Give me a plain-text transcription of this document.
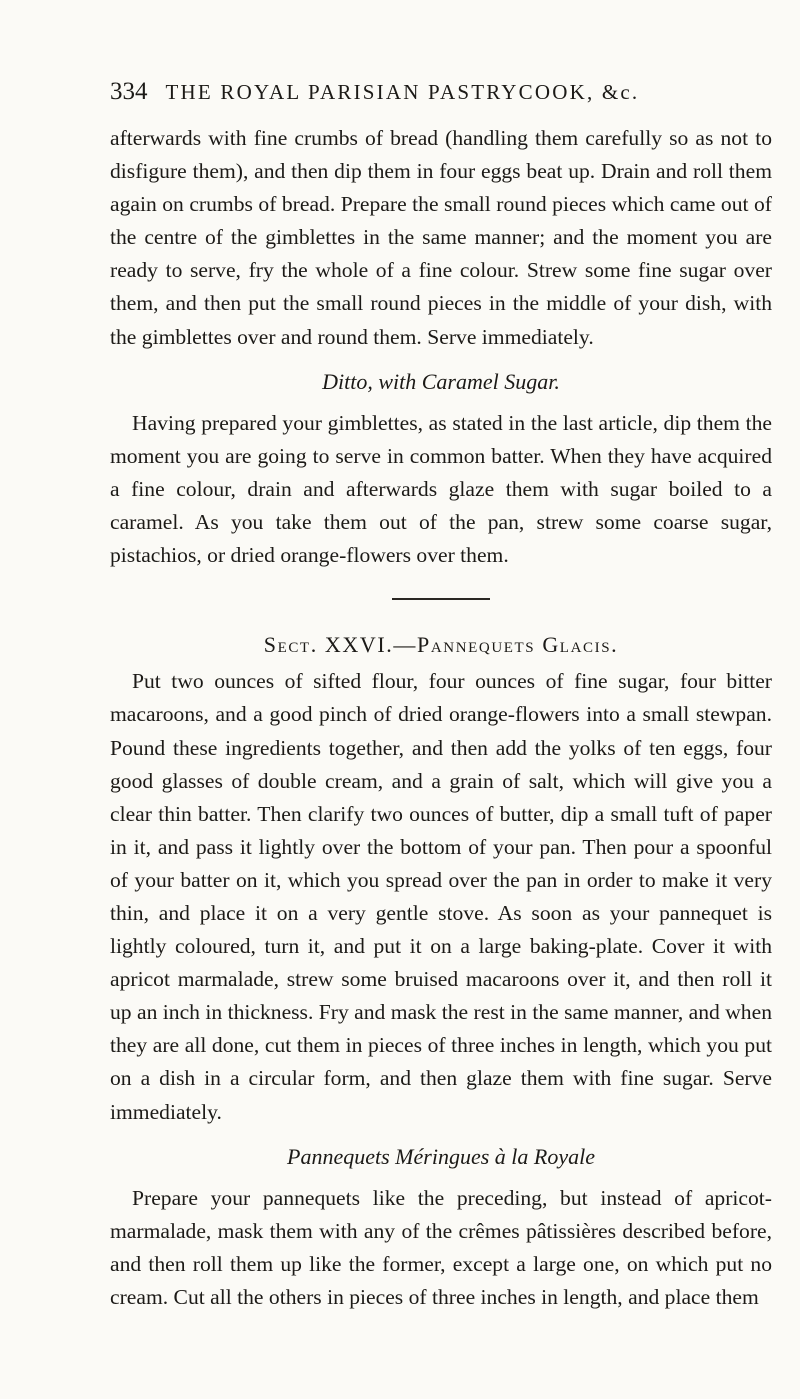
334 THE ROYAL PARISIAN PASTRYCOOK, &c.

afterwards with fine crumbs of bread (handling them carefully so as not to disfigure them), and then dip them in four eggs beat up. Drain and roll them again on crumbs of bread. Prepare the small round pieces which came out of the centre of the gimblettes in the same manner; and the moment you are ready to serve, fry the whole of a fine colour. Strew some fine sugar over them, and then put the small round pieces in the middle of your dish, with the gimblettes over and round them. Serve immediately.

Ditto, with Caramel Sugar.

Having prepared your gimblettes, as stated in the last article, dip them the moment you are going to serve in common batter. When they have acquired a fine colour, drain and afterwards glaze them with sugar boiled to a caramel. As you take them out of the pan, strew some coarse sugar, pistachios, or dried orange-flowers over them.

Sect. XXVI.—Pannequets Glacis.

Put two ounces of sifted flour, four ounces of fine sugar, four bitter macaroons, and a good pinch of dried orange-flowers into a small stewpan. Pound these ingredients together, and then add the yolks of ten eggs, four good glasses of double cream, and a grain of salt, which will give you a clear thin batter. Then clarify two ounces of butter, dip a small tuft of paper in it, and pass it lightly over the bottom of your pan. Then pour a spoonful of your batter on it, which you spread over the pan in order to make it very thin, and place it on a very gentle stove. As soon as your pannequet is lightly coloured, turn it, and put it on a large baking-plate. Cover it with apricot marmalade, strew some bruised macaroons over it, and then roll it up an inch in thickness. Fry and mask the rest in the same manner, and when they are all done, cut them in pieces of three inches in length, which you put on a dish in a circular form, and then glaze them with fine sugar. Serve immediately.

Pannequets Méringues à la Royale

Prepare your pannequets like the preceding, but instead of apricot-marmalade, mask them with any of the crêmes pâtissières described before, and then roll them up like the former, except a large one, on which put no cream. Cut all the others in pieces of three inches in length, and place them
